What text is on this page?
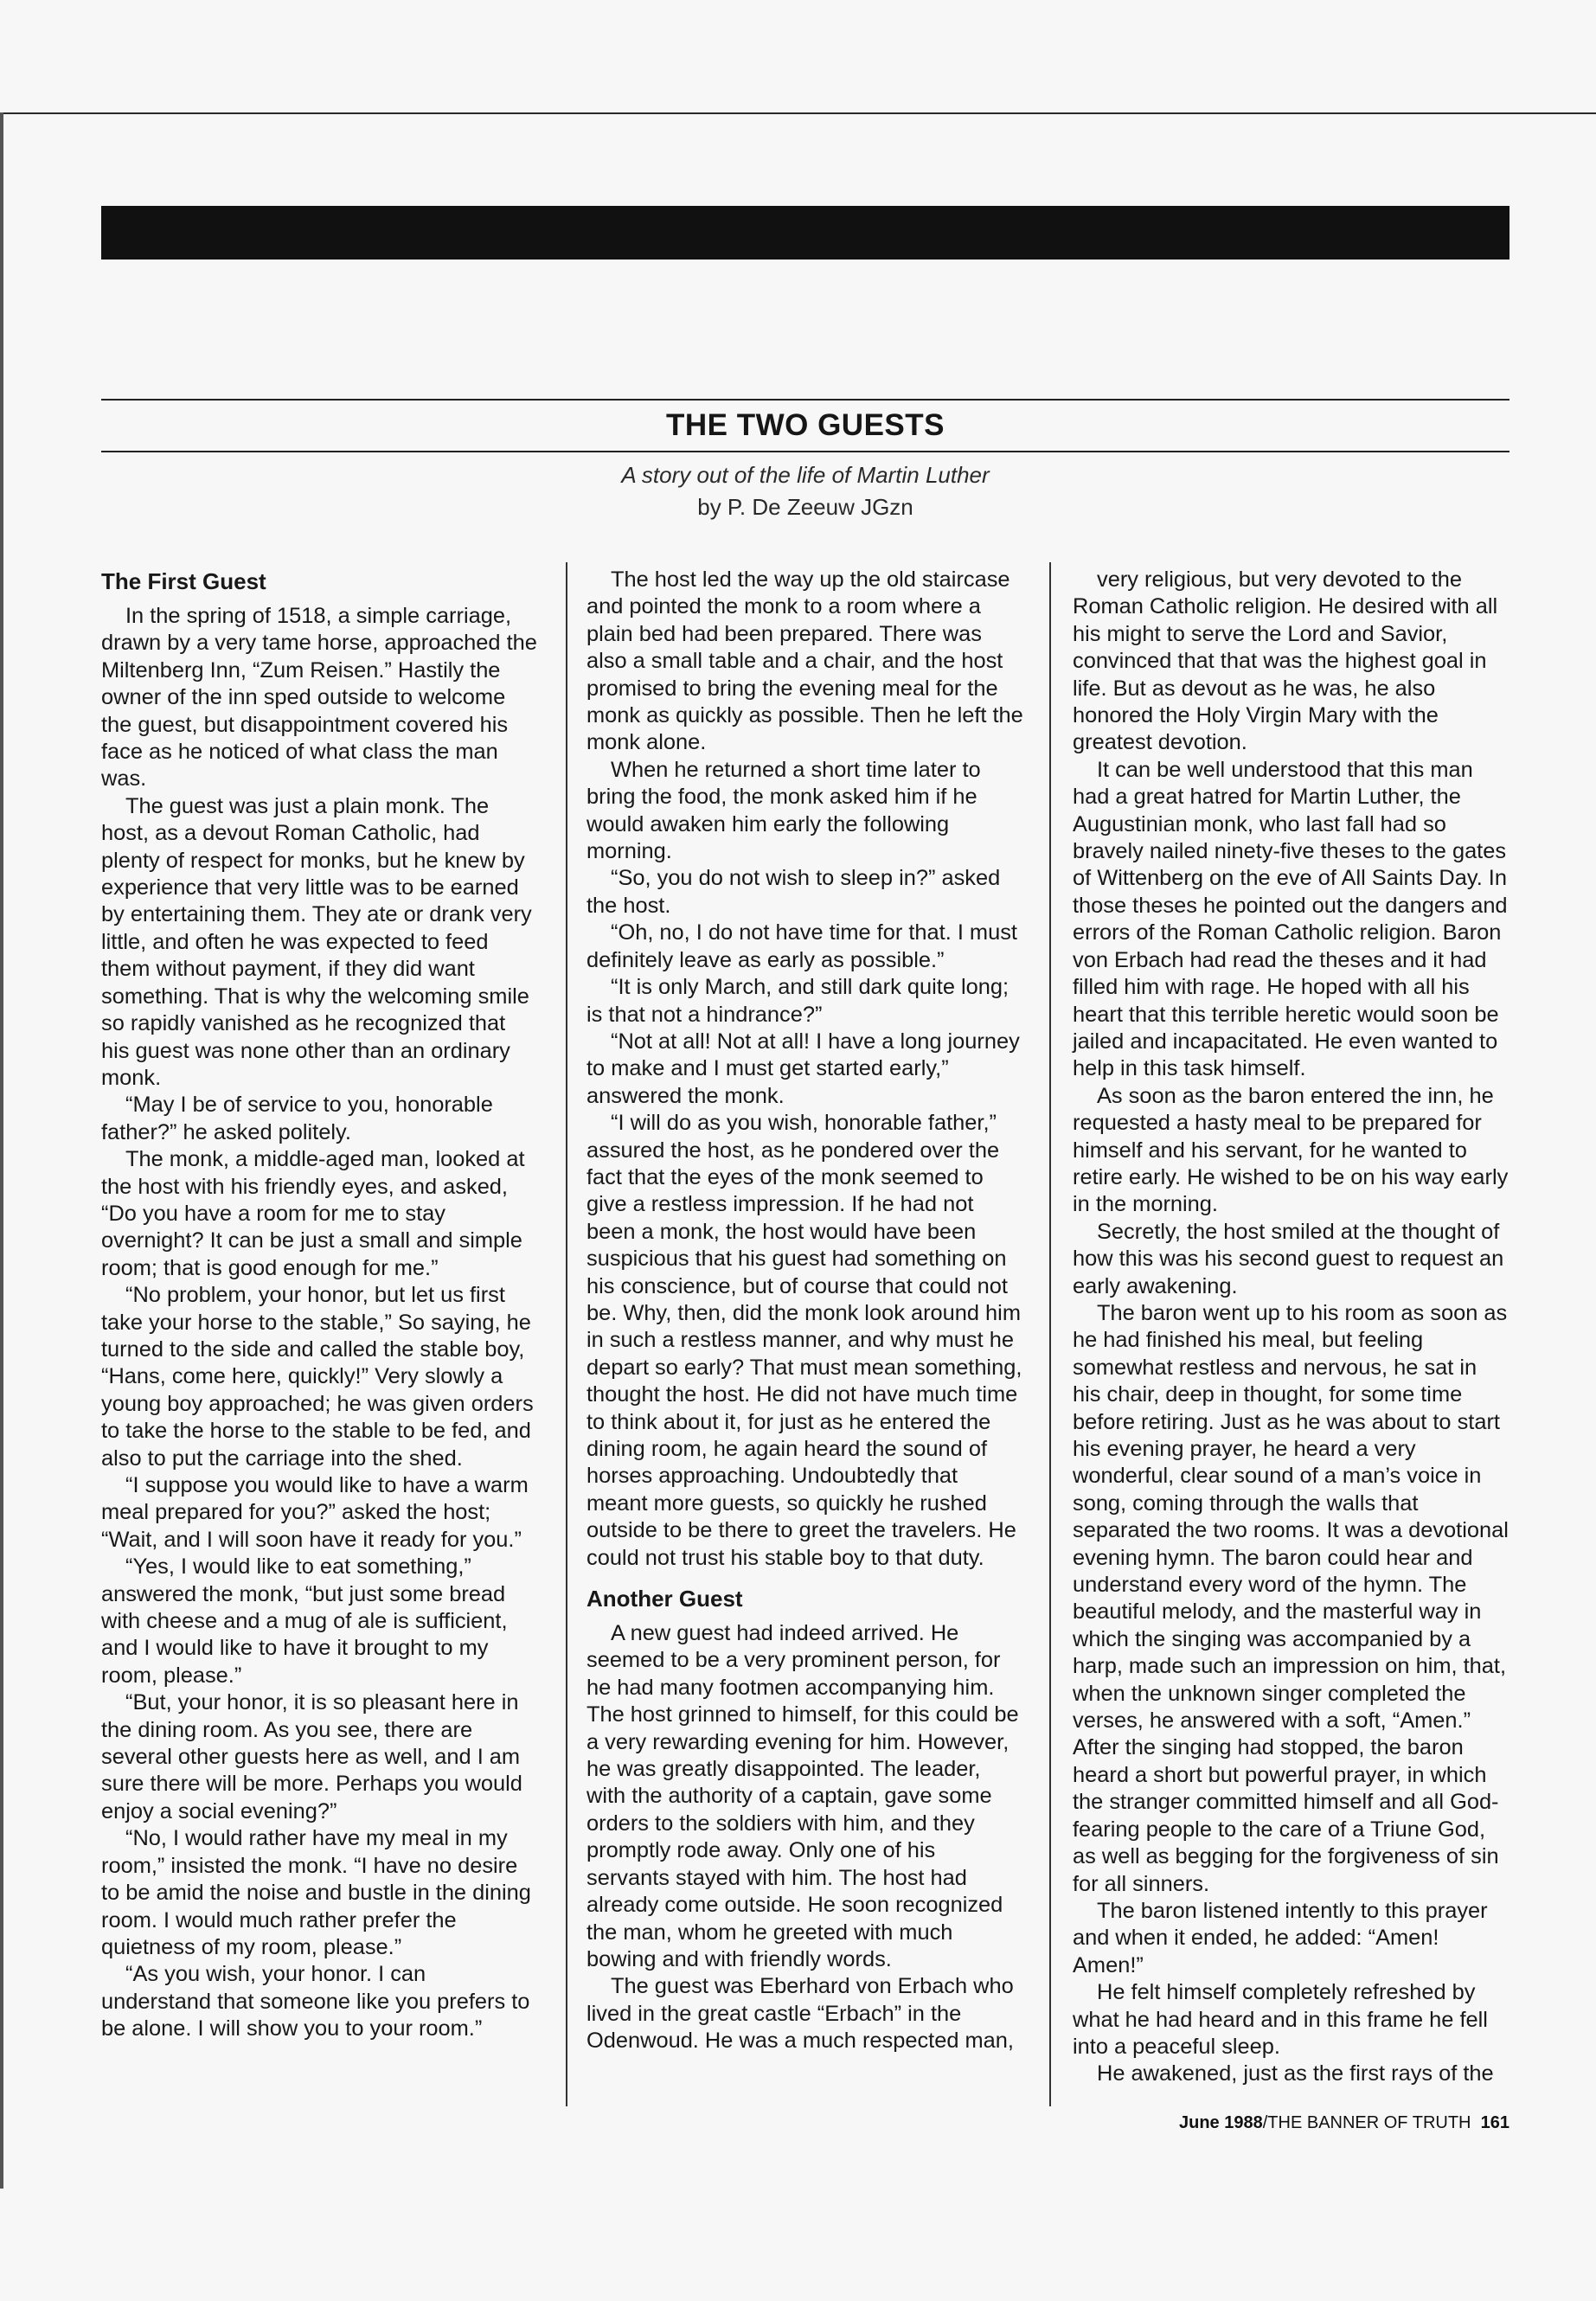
THE TWO GUESTS
A story out of the life of Martin Luther
by P. De Zeeuw JGzn
The First Guest

In the spring of 1518, a simple carriage, drawn by a very tame horse, approached the Miltenberg Inn, “Zum Reisen.” Hastily the owner of the inn sped outside to welcome the guest, but disappointment covered his face as he noticed of what class the man was.

The guest was just a plain monk. The host, as a devout Roman Catholic, had plenty of respect for monks, but he knew by experience that very little was to be earned by entertaining them. They ate or drank very little, and often he was expected to feed them without payment, if they did want something. That is why the welcoming smile so rapidly vanished as he recognized that his guest was none other than an ordinary monk.

“May I be of service to you, honorable father?” he asked politely.

The monk, a middle-aged man, looked at the host with his friendly eyes, and asked, “Do you have a room for me to stay overnight? It can be just a small and simple room; that is good enough for me.”

“No problem, your honor, but let us first take your horse to the stable,” So saying, he turned to the side and called the stable boy, “Hans, come here, quickly!” Very slowly a young boy approached; he was given orders to take the horse to the stable to be fed, and also to put the carriage into the shed.

“I suppose you would like to have a warm meal prepared for you?” asked the host; “Wait, and I will soon have it ready for you.”

“Yes, I would like to eat something,” answered the monk, “but just some bread with cheese and a mug of ale is sufficient, and I would like to have it brought to my room, please.”

“But, your honor, it is so pleasant here in the dining room. As you see, there are several other guests here as well, and I am sure there will be more. Perhaps you would enjoy a social evening?”

“No, I would rather have my meal in my room,” insisted the monk. “I have no desire to be amid the noise and bustle in the dining room. I would much rather prefer the quietness of my room, please.”

“As you wish, your honor. I can understand that someone like you prefers to be alone. I will show you to your room.”

The host led the way up the old staircase and pointed the monk to a room where a plain bed had been prepared. There was also a small table and a chair, and the host promised to bring the evening meal for the monk as quickly as possible. Then he left the monk alone.

When he returned a short time later to bring the food, the monk asked him if he would awaken him early the following morning.

“So, you do not wish to sleep in?” asked the host.

“Oh, no, I do not have time for that. I must definitely leave as early as possible.”

“It is only March, and still dark quite long; is that not a hindrance?”

“Not at all! Not at all! I have a long journey to make and I must get started early,” answered the monk.

“I will do as you wish, honorable father,” assured the host, as he pondered over the fact that the eyes of the monk seemed to give a restless impression. If he had not been a monk, the host would have been suspicious that his guest had something on his conscience, but of course that could not be. Why, then, did the monk look around him in such a restless manner, and why must he depart so early? That must mean something, thought the host. He did not have much time to think about it, for just as he entered the dining room, he again heard the sound of horses approaching. Undoubtedly that meant more guests, so quickly he rushed outside to be there to greet the travelers. He could not trust his stable boy to that duty.

Another Guest

A new guest had indeed arrived. He seemed to be a very prominent person, for he had many footmen accompanying him. The host grinned to himself, for this could be a very rewarding evening for him. However, he was greatly disappointed. The leader, with the authority of a captain, gave some orders to the soldiers with him, and they promptly rode away. Only one of his servants stayed with him. The host had already come outside. He soon recognized the man, whom he greeted with much bowing and with friendly words.

The guest was Eberhard von Erbach who lived in the great castle “Erbach” in the Odenwoud. He was a much respected man,

very religious, but very devoted to the Roman Catholic religion. He desired with all his might to serve the Lord and Savior, convinced that that was the highest goal in life. But as devout as he was, he also honored the Holy Virgin Mary with the greatest devotion.

It can be well understood that this man had a great hatred for Martin Luther, the Augustinian monk, who last fall had so bravely nailed ninety-five theses to the gates of Wittenberg on the eve of All Saints Day. In those theses he pointed out the dangers and errors of the Roman Catholic religion. Baron von Erbach had read the theses and it had filled him with rage. He hoped with all his heart that this terrible heretic would soon be jailed and incapacitated. He even wanted to help in this task himself.

As soon as the baron entered the inn, he requested a hasty meal to be prepared for himself and his servant, for he wanted to retire early. He wished to be on his way early in the morning.

Secretly, the host smiled at the thought of how this was his second guest to request an early awakening.

The baron went up to his room as soon as he had finished his meal, but feeling somewhat restless and nervous, he sat in his chair, deep in thought, for some time before retiring. Just as he was about to start his evening prayer, he heard a very wonderful, clear sound of a man’s voice in song, coming through the walls that separated the two rooms. It was a devotional evening hymn. The baron could hear and understand every word of the hymn. The beautiful melody, and the masterful way in which the singing was accompanied by a harp, made such an impression on him, that, when the unknown singer completed the verses, he answered with a soft, “Amen.” After the singing had stopped, the baron heard a short but powerful prayer, in which the stranger committed himself and all God-fearing people to the care of a Triune God, as well as begging for the forgiveness of sin for all sinners.

The baron listened intently to this prayer and when it ended, he added: “Amen! Amen!”

He felt himself completely refreshed by what he had heard and in this frame he fell into a peaceful sleep.

He awakened, just as the first rays of the

June 1988/THE BANNER OF TRUTH 161
